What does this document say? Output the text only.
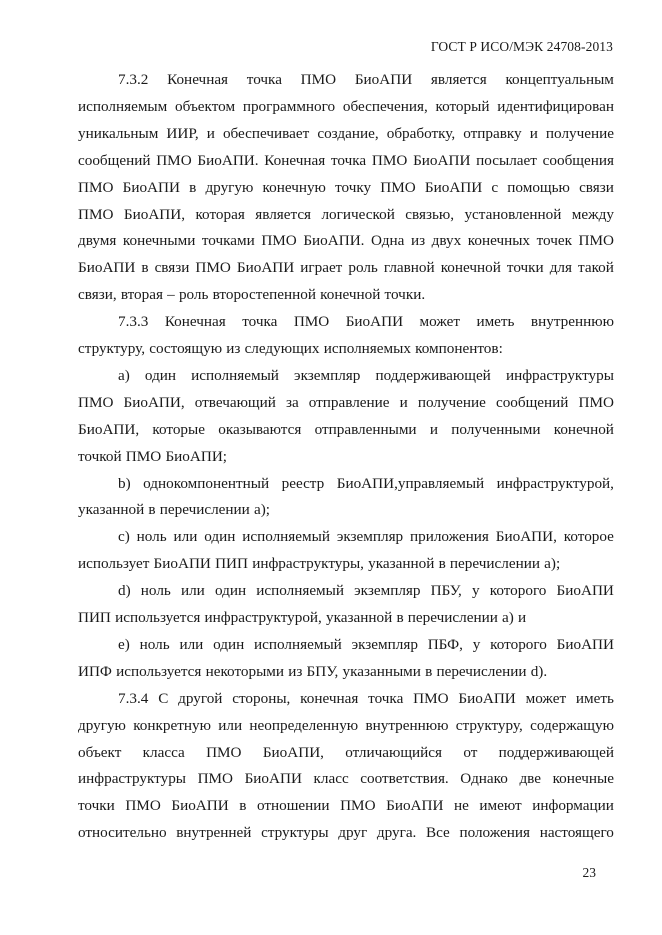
ГОСТ Р ИСО/МЭК 24708-2013
7.3.2 Конечная точка ПМО БиоАПИ является концептуальным
исполняемым объектом программного обеспечения, который идентифицирован
уникальным ИИР, и обеспечивает создание, обработку, отправку и получение
сообщений ПМО БиоАПИ. Конечная точка ПМО БиоАПИ посылает сообщения
ПМО БиоАПИ в другую конечную точку ПМО БиоАПИ с помощью связи
ПМО БиоАПИ, которая является логической связью, установленной между
двумя конечными точками ПМО БиоАПИ. Одна из двух конечных точек ПМО
БиоАПИ в связи ПМО БиоАПИ играет роль главной конечной точки для такой
связи, вторая – роль второстепенной конечной точки.
7.3.3 Конечная точка ПМО БиоАПИ может иметь внутреннюю
структуру, состоящую из следующих исполняемых компонентов:
а) один исполняемый экземпляр поддерживающей инфраструктуры
ПМО БиоАПИ, отвечающий за отправление и получение сообщений ПМО
БиоАПИ, которые оказываются отправленными и полученными конечной
точкой ПМО БиоАПИ;
b) однокомпонентный реестр БиоАПИ,управляемый инфраструктурой,
указанной в перечислении а);
c) ноль или один исполняемый экземпляр приложения БиоАПИ, которое
использует БиоАПИ ПИП инфраструктуры, указанной в перечислении а);
d) ноль или один исполняемый экземпляр ПБУ, у которого БиоАПИ
ПИП используется инфраструктурой, указанной в перечислении а) и
e) ноль или один исполняемый экземпляр ПБФ, у которого БиоАПИ
ИПФ используется некоторыми из БПУ, указанными в перечислении d).
7.3.4 С другой стороны, конечная точка ПМО БиоАПИ может иметь
другую конкретную или неопределенную внутреннюю структуру, содержащую
объект класса ПМО БиоАПИ, отличающийся от поддерживающей
инфраструктуры ПМО БиоАПИ класс соответствия. Однако две конечные
точки ПМО БиоАПИ в отношении ПМО БиоАПИ не имеют информации
относительно внутренней структуры друг друга. Все положения настоящего
23
